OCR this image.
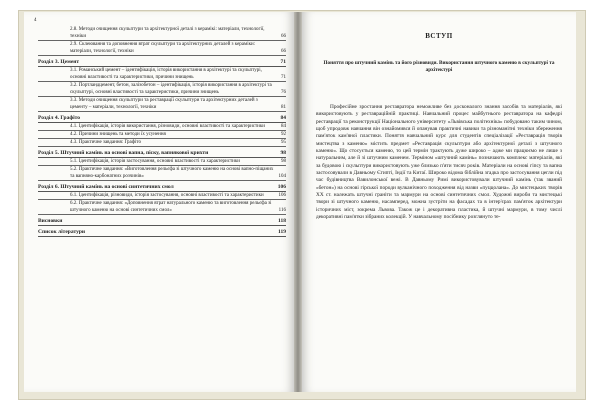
4
2.8. Методи очищення скульптури та архітектурної деталі з керамікі: матеріали, технології, техніки	66
2.9. Склеювання та доповнення втрат скульптури та архітектурних деталей з кераміки: матеріали, технології, техніки	66
Розділ 3. Цемент	71
3.1. Романський цемент – ідентифікація, історія використання в архітектурі та скульптурі, основні властивості та характеристики, причини знищень	71
3.2. Портландцемент, бетон, залізобетон – ідентифікація, історія використання в архітектурі та скульптурі, основні властивості та характеристики, причини знищень	76
3.3. Методи очищення скульптури та реставрації скульптури та архітектурних деталей з цементу – матеріали, технології, техніки	81
Розділ 4. Графіто	84
4.1. Ідентифікація, історія використання, різновиди, основні властивості та характеристики	84
4.2. Причини знищень та методи їх усунення	92
4.3. Практичне завдання: Графіто	95
Розділ 5. Штучний камінь на основі вапна, піску, вапнякової крихти	98
5.1. Ідентифікація, історія застосування, основні властивості та характеристики	98
5.2. Практичне завдання: «Виготовлення рельєфа зі штучного каменю на основі вапно-піщаних та вапняно-карбонатних розчинів»	104
Розділ 6. Штучний камінь на основі синтетичних смол	106
6.1. Ідентифікація, різновиди, історія застосування, основні властивості та характеристики	106
6.2. Практичне завдання: «Доповнення втрат натурального каменю та виготовлення рельєфа зі штучного каменю на основі синтетичних смол»	116
Висновки	118
Список літератури	119
ВСТУП
Поняття про штучний камінь та його різновиди. Використання штучного каменю в скульптурі та архітектурі
Професійне зростання реставратора неможливе без досконалого знання засобів та матеріалів, які використовують у реставраційній практиці. Навчальний процес майбутнього реставратора на кафедрі реставрації та реконструкції Національного університету «Львівська політехніка» побудовано таким чином, щоб упродовж навчання він ознайомився й опанував практичні навики та різноманітні техніки збереження пам'яток кам'яної пластики. Поняття навчальний курс для студентів спеціалізації «Реставрація творів мистецтва з каменю» містить предмет «Реставрація скульптури або архітектурної деталі з штучного каменю». Що стосується каменю, то цей термін трактують дуже широко – адже ми працюємо не лише з натуральним, але й зі штучним каменем. Терміном «штучний камінь» позначають комплекс матеріалів, які за будовою і скульптури використовують уже близько п'яти тисяч років. Матеріали на основі гіпсу та вапна застосовували в Давньому Єгипті, Індії та Китаї. Широко відома біблійна згадка про застосування цегли під час будівництва Вавилонської вежі. В Давньому Римі використовували штучний камінь (так званий «бетон») на основі гірської породи вулканічного походження від назви «пуццолана». До мистецьких творів ХХ ст. належать штучні граніти та мармури на основі синтетичних смол. Художні вироби та мистецькі твори зі штучного каменю, насамперед, можна зустріти на фасадах та в інтер'єрах пам'яток архітектури історичних міст, зокрема Львова. Також це і декоративна пластика, й штучні мармури, в тому числі декоративні пам'ятки зібраних колекцій. У навчальному посібнику розглянуто те-
